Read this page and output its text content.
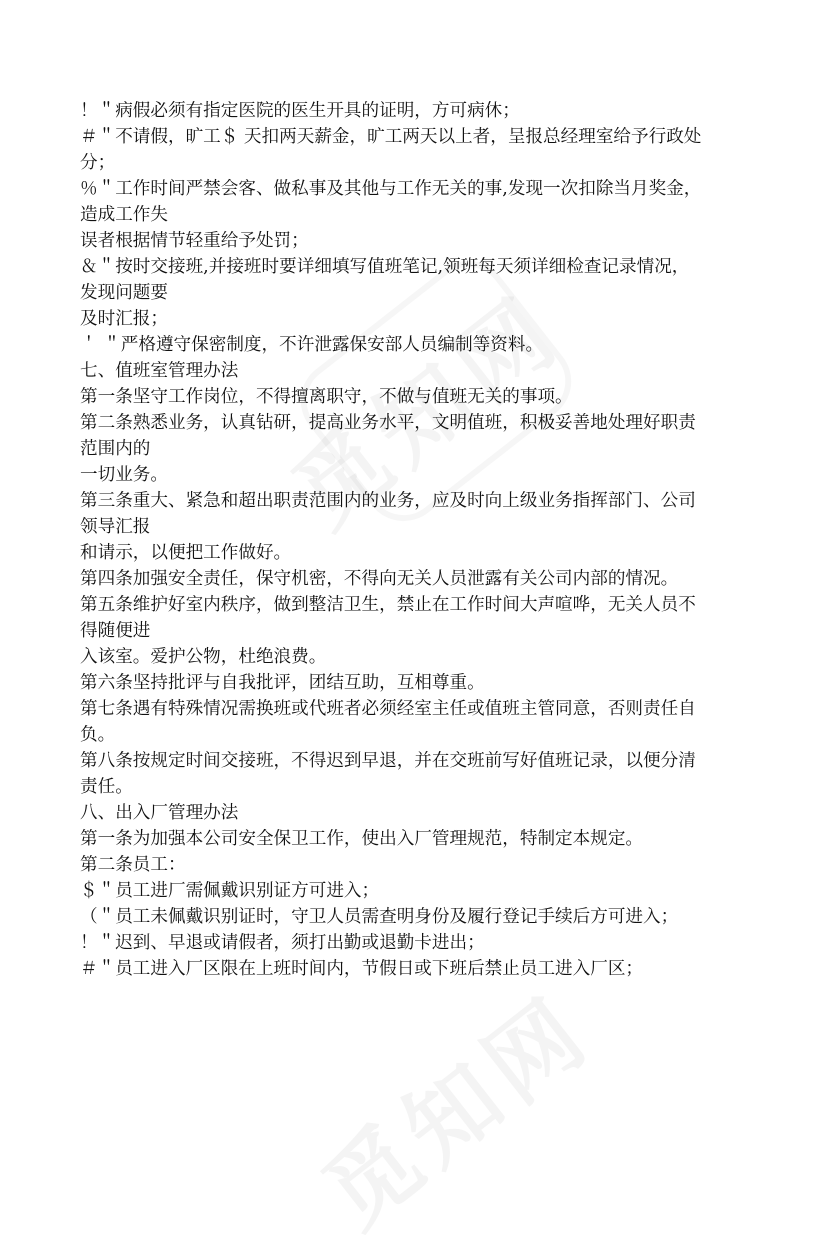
！＂病假必须有指定医院的医生开具的证明，方可病休；

＃＂不请假，旷工＄ 天扣两天薪金，旷工两天以上者，呈报总经理室给予行政处

分；

％＂工作时间严禁会客、做私事及其他与工作无关的事,发现一次扣除当月奖金，

造成工作失

误者根据情节轻重给予处罚；

＆＂按时交接班,并接班时要详细填写值班笔记,领班每天须详细检查记录情况，

发现问题要

及时汇报；

＇ ＂严格遵守保密制度，不许泄露保安部人员编制等资料。

七、值班室管理办法

第一条坚守工作岗位，不得擅离职守，不做与值班无关的事项。

第二条熟悉业务，认真钻研，提高业务水平，文明值班，积极妥善地处理好职责

范围内的

一切业务。

第三条重大、紧急和超出职责范围内的业务，应及时向上级业务指挥部门、公司

领导汇报

和请示，以便把工作做好。

第四条加强安全责任，保守机密，不得向无关人员泄露有关公司内部的情况。

第五条维护好室内秩序，做到整洁卫生，禁止在工作时间大声喧哗，无关人员不

得随便进

入该室。爱护公物，杜绝浪费。

第六条坚持批评与自我批评，团结互助，互相尊重。

第七条遇有特殊情况需换班或代班者必须经室主任或值班主管同意，否则责任自

负。

第八条按规定时间交接班，不得迟到早退，并在交班前写好值班记录，以便分清

责任。

八、出入厂管理办法

第一条为加强本公司安全保卫工作，使出入厂管理规范，特制定本规定。

第二条员工：

＄＂员工进厂需佩戴识别证方可进入；

（＂员工未佩戴识别证时，守卫人员需查明身份及履行登记手续后方可进入；

！＂迟到、早退或请假者，须打出勤或退勤卡进出；

＃＂员工进入厂区限在上班时间内，节假日或下班后禁止员工进入厂区；
